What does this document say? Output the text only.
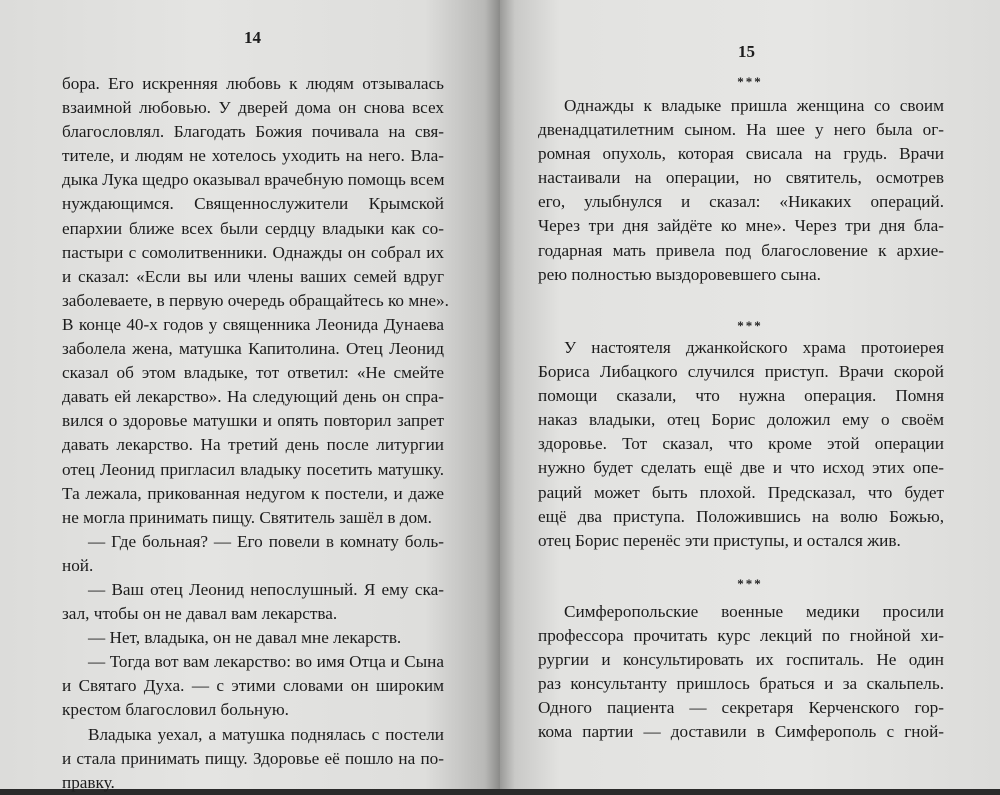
14
бора. Его искренняя любовь к людям отзывалась
взаимной любовью. У дверей дома он снова всех
благословлял. Благодать Божия почивала на свя-
тителе, и людям не хотелось уходить на него. Вла-
дыка Лука щедро оказывал врачебную помощь всем
нуждающимся. Священнослужители Крымской
епархии ближе всех были сердцу владыки как со-
пастыри с сомолитвенники. Однажды он собрал их
и сказал: «Если вы или члены ваших семей вдруг
заболеваете, в первую очередь обращайтесь ко мне».
В конце 40-х годов у священника Леонида Дунаева
заболела жена, матушка Капитолина. Отец Леонид
сказал об этом владыке, тот ответил: «Не смейте
давать ей лекарство». На следующий день он спра-
вился о здоровье матушки и опять повторил запрет
давать лекарство. На третий день после литургии
отец Леонид пригласил владыку посетить матушку.
Та лежала, прикованная недугом к постели, и даже
не могла принимать пищу. Святитель зашёл в дом.
— Где больная? — Его повели в комнату боль-
ной.
— Ваш отец Леонид непослушный. Я ему ска-
зал, чтобы он не давал вам лекарства.
— Нет, владыка, он не давал мне лекарств.
— Тогда вот вам лекарство: во имя Отца и Сына
и Святаго Духа. — с этими словами он широким
крестом благословил больную.
Владыка уехал, а матушка поднялась с постели
и стала принимать пищу. Здоровье её пошло на по-
правку.
15
***
Однажды к владыке пришла женщина со своим
двенадцатилетним сыном. На шее у него была ог-
ромная опухоль, которая свисала на грудь. Врачи
настаивали на операции, но святитель, осмотрев
его, улыбнулся и сказал: «Никаких операций.
Через три дня зайдёте ко мне». Через три дня бла-
годарная мать привела под благословение к архие-
рею полностью выздоровевшего сына.
***
У настоятеля джанкойского храма протоиерея
Бориса Либацкого случился приступ. Врачи скорой
помощи сказали, что нужна операция. Помня
наказ владыки, отец Борис доложил ему о своём
здоровье. Тот сказал, что кроме этой операции
нужно будет сделать ещё две и что исход этих опе-
раций может быть плохой. Предсказал, что будет
ещё два приступа. Положившись на волю Божью,
отец Борис перенёс эти приступы, и остался жив.
***
Симферопольские военные медики просили
профессора прочитать курс лекций по гнойной хи-
рургии и консультировать их госпиталь. Не один
раз консультанту пришлось браться и за скальпель.
Одного пациента — секретаря Керченского гор-
кома партии — доставили в Симферополь с гной-
